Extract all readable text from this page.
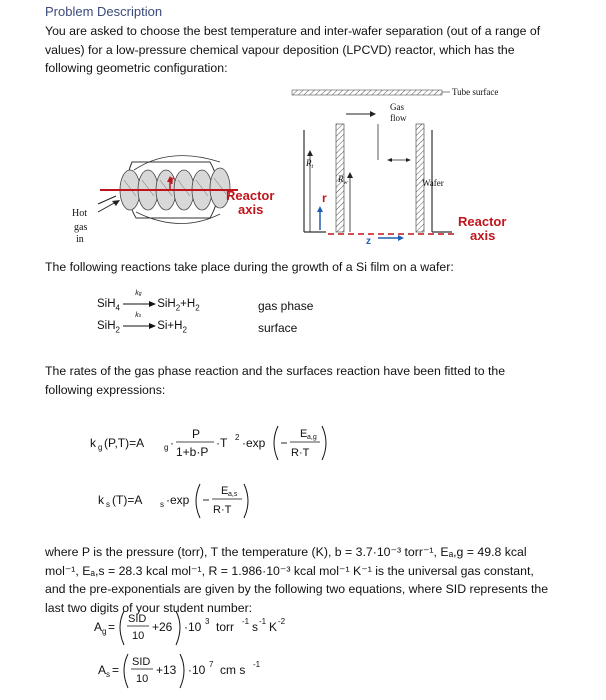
Problem Description
You are asked to choose the best temperature and inter-wafer separation (out of a range of values) for a low-pressure chemical vapour deposition (LPCVD) reactor, which has the following geometric configuration:
r
Reactor
axis
Hot
gas
in
Tube surface
Gas
flow
Wafer
$R_t$
$R_w$
r
z
Reactor
axis
The following reactions take place during the growth of a Si film on a wafer:
SiH$_4$
kg
$SiH_2+H_2$	gas phase
SiH$_2$
ks
$Si+H_2$	surface
The rates of the gas phase reaction and the surfaces reaction have been fitted to the following expressions:
k g (P,T)=A g ·
P
1+b·P
·T 2 ·exp
E a,g
R·T
k s (T)=A s ·exp
E a,s
R·T
where P is the pressure (torr), T the temperature (K), b = 3.7·10⁻³ torr⁻¹, Eₐ,g = 49.8 kcal mol⁻¹, Eₐ,s = 28.3 kcal mol⁻¹, R = 1.986·10⁻³ kcal mol⁻¹ K⁻¹ is the universal gas constant, and the pre-exponentials are given by the following two equations, where SID represents the last two digits of your student number:
A g =
SID
10
+26 ·10 3 torr -1 s -1 K -2
A s =
SID
10
+13 ·10 7 cm s -1
